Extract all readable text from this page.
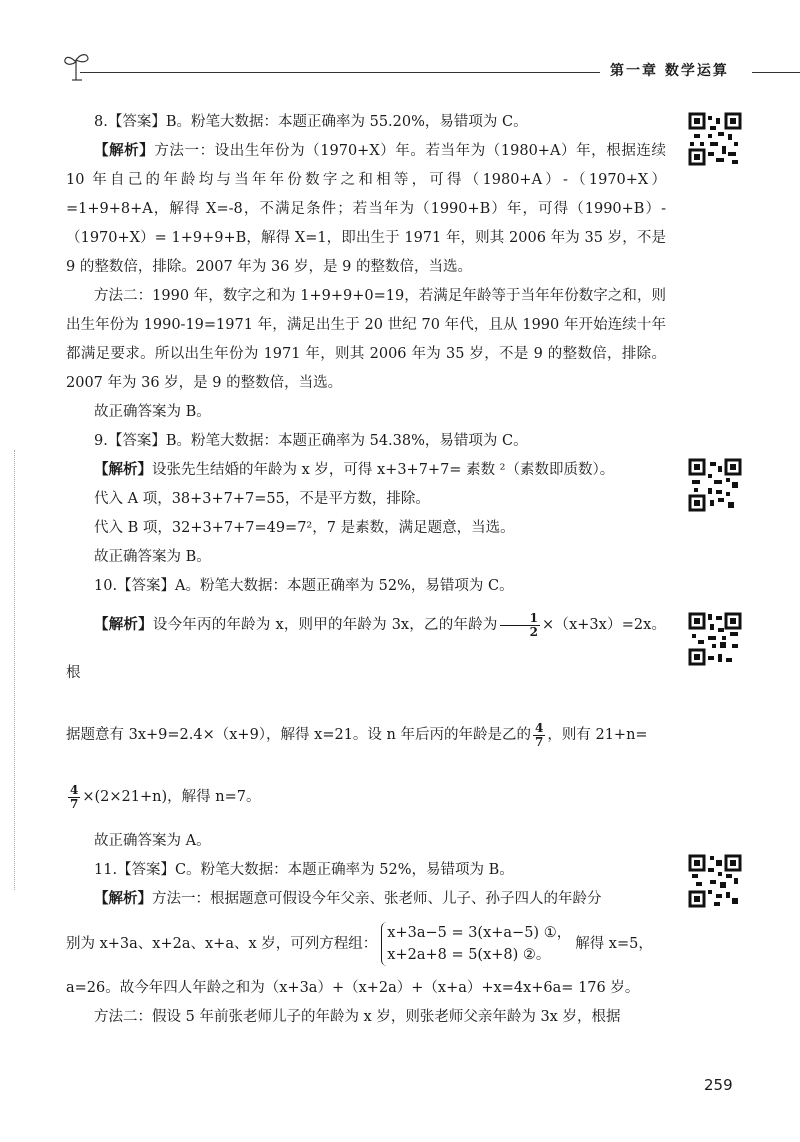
第一章 数学运算

8.【答案】B。粉笔大数据：本题正确率为 55.20%，易错项为 C。

【解析】方法一：设出生年份为（1970+X）年。若当年为（1980+A）年，根据连续10 年自己的年龄均与当年年份数字之和相等，可得（1980+A）-（1970+X）=1+9+8+A，解得 X=-8，不满足条件；若当年为（1990+B）年，可得（1990+B）-（1970+X）= 1+9+9+B，解得 X=1，即出生于 1971 年，则其 2006 年为 35 岁，不是 9 的整数倍，排除。2007 年为 36 岁，是 9 的整数倍，当选。

方法二：1990 年，数字之和为 1+9+9+0=19，若满足年龄等于当年年份数字之和，则出生年份为 1990-19=1971 年，满足出生于 20 世纪 70 年代，且从 1990 年开始连续十年都满足要求。所以出生年份为 1971 年，则其 2006 年为 35 岁，不是 9 的整数倍，排除。2007 年为 36 岁，是 9 的整数倍，当选。

故正确答案为 B。

9.【答案】B。粉笔大数据：本题正确率为 54.38%，易错项为 C。

【解析】设张先生结婚的年龄为 x 岁，可得 x+3+7+7= 素数 ²（素数即质数）。

代入 A 项，38+3+7+7=55，不是平方数，排除。

代入 B 项，32+3+7+7=49=7²，7 是素数，满足题意，当选。

故正确答案为 B。

10.【答案】A。粉笔大数据：本题正确率为 52%，易错项为 C。

【解析】设今年丙的年龄为 x，则甲的年龄为 3x，乙的年龄为 $\frac{1}{2} \times(x+3x)=2x$。根

据题意有 3x+9=2.4×（x+9），解得 x=21。设 n 年后丙的年龄是乙的 $\frac{4}{7}$ ，则有 21+n=

$\frac{4}{7} \times(2\times 21+n)$，解得 n=7。

故正确答案为 A。

11.【答案】C。粉笔大数据：本题正确率为 52%，易错项为 B。

【解析】方法一：根据题意可假设今年父亲、张老师、儿子、孙子四人的年龄分

别为 x+3a、x+2a、x+a、x 岁，可列方程组：
x+3a−5 = 3(x+a−5) ①，
x+2a+8 = 5(x+8) ②。
解得 x=5，

a=26。故今年四人年龄之和为（x+3a）+（x+2a）+（x+a）+x=4x+6a= 176 岁。

方法二：假设 5 年前张老师儿子的年龄为 x 岁，则张老师父亲年龄为 3x 岁，根据

259
